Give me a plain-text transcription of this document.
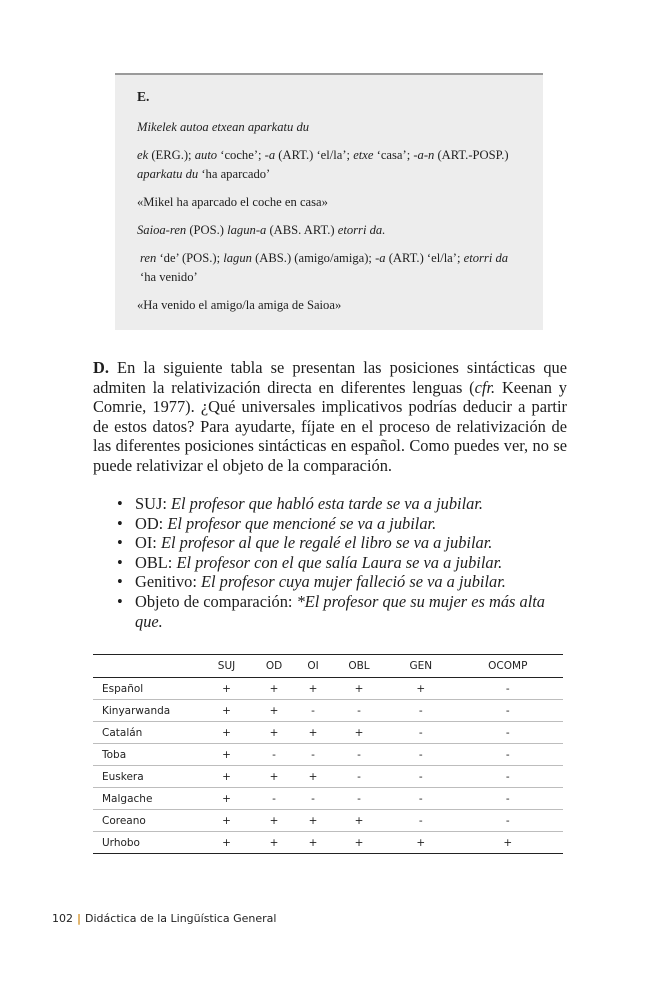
E.

Mikelek autoa etxean aparkatu du

ek (ERG.); auto ‘coche’; -a (ART.) ‘el/la’; etxe ‘casa’; -a-n (ART.-POSP.) aparkatu du ‘ha aparcado’

«Mikel ha aparcado el coche en casa»

Saioa-ren (POS.) lagun-a (ABS. ART.) etorri da.

ren ‘de’ (POS.); lagun (ABS.) (amigo/amiga); -a (ART.) ‘el/la’; etorri da ‘ha venido’

«Ha venido el amigo/la amiga de Saioa»

D. En la siguiente tabla se presentan las posiciones sintácticas que admiten la relativización directa en diferentes lenguas (cfr. Keenan y Comrie, 1977). ¿Qué universales implicativos podrías deducir a partir de estos datos? Para ayudarte, fíjate en el proceso de relativización de las diferentes posiciones sintácticas en español. Como puedes ver, no se puede relativizar el objeto de la comparación.

• SUJ: El profesor que habló esta tarde se va a jubilar.
• OD: El profesor que mencioné se va a jubilar.
• OI: El profesor al que le regalé el libro se va a jubilar.
• OBL: El profesor con el que salía Laura se va a jubilar.
• Genitivo: El profesor cuya mujer falleció se va a jubilar.
• Objeto de comparación: *El profesor que su mujer es más alta que.
	SUJ	OD	OI	OBL	GEN	OCOMP
Español	+	+	+	+	+	-
Kinyarwanda	+	+	-	-	-	-
Catalán	+	+	+	+	-	-
Toba	+	-	-	-	-	-
Euskera	+	+	+	-	-	-
Malgache	+	-	-	-	-	-
Coreano	+	+	+	+	-	-
Urhobo	+	+	+	+	+	+
102 | Didáctica de la Lingüística General
